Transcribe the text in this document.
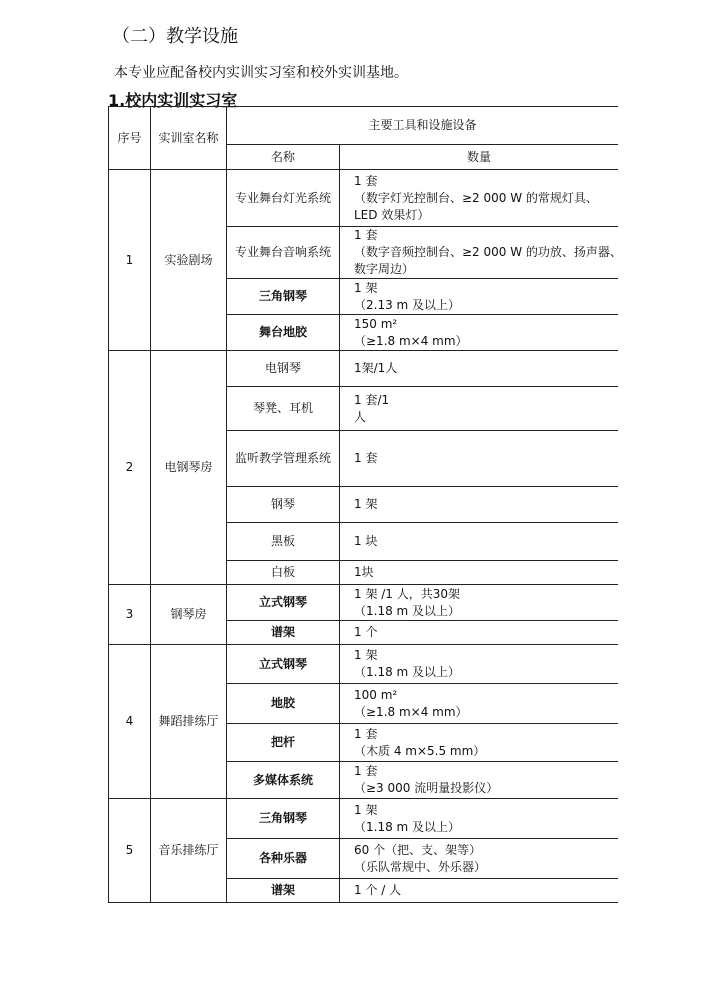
（二）教学设施
本专业应配备校内实训实习室和校外实训基地。
1.校内实训实习室
序号	实训室名称	主要工具和设施设备	
		名称	数量
1	实验剧场	专业舞台灯光系统	1 套
（数字灯光控制台、≥2 000 W 的常规灯具、
LED 效果灯）

		专业舞台音响系统	1 套
（数字音频控制台、≥2 000 W 的功放、扬声器、
数字周边）

		三角钢琴	1 架
（2.13 m 及以上）

		舞台地胶	150 m²
（≥1.8 m×4 mm）

2	电钢琴房	电钢琴	1架/1人

		琴凳、耳机	1 套/1
人

		监听教学管理系统	1 套

		钢琴	1 架

		黑板	1 块

		白板	1块

3	钢琴房	立式钢琴	1 架 /1 人，共30架
（1.18 m 及以上）

		谱架	1 个

4	舞蹈排练厅	立式钢琴	1 架
（1.18 m 及以上）

		地胶	100 m²
（≥1.8 m×4 mm）

		把杆	1 套
（木质 4 m×5.5 mm）

		多媒体系统	1 套
（≥3 000 流明量投影仪）

5	音乐排练厅	三角钢琴	1 架
（1.18 m 及以上）

		各种乐器	60 个（把、支、架等）
（乐队常规中、外乐器）

		谱架	1 个 / 人
